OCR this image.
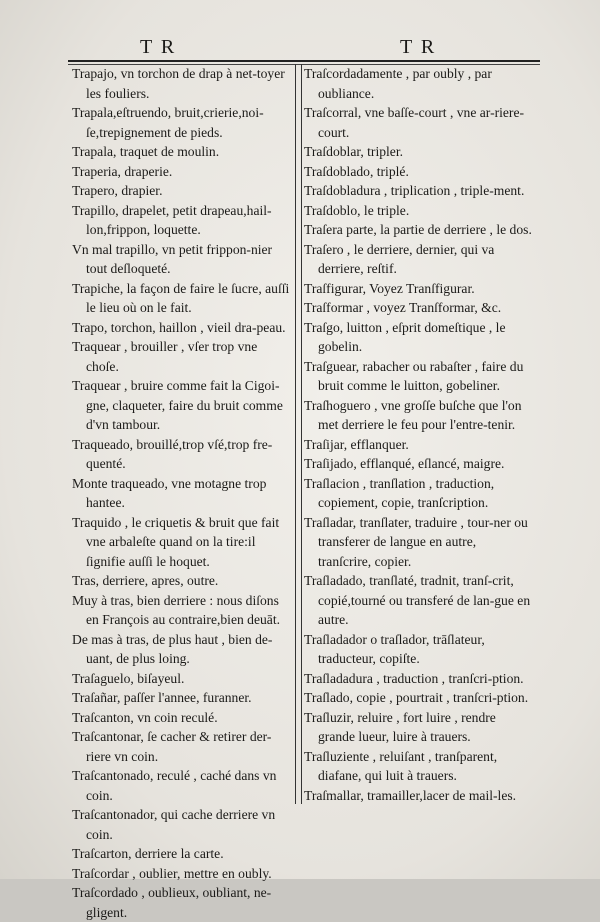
T R	T R
Trapajo, vn torchon de drap à net-toyer les fouliers.
Trapala,eſtruendo, bruit,crierie,noi-ſe,trepignement de pieds.
Trapala, traquet de moulin.
Traperia, draperie.
Trapero, drapier.
Trapillo, drapelet, petit drapeau,hail-lon,frippon, loquette.
Vn mal trapillo, vn petit frippon-nier tout deſloqueté.
Trapiche, la façon de faire le ſucre, auſſi le lieu où on le fait.
Trapo, torchon, haillon , vieil dra-peau.
Traquear , brouiller , vſer trop vne choſe.
Traquear , bruire comme fait la Cigoi-gne, claqueter, faire du bruit comme d'vn tambour.
Traqueado, brouillé,trop vſé,trop fre-quenté.
Monte traqueado, vne motagne trop hantee.
Traquido , le criquetis & bruit que fait vne arbaleſte quand on la tire:il ſignifie auſſi le hoquet.
Tras, derriere, apres, outre.
Muy à tras, bien derriere : nous diſons en François au contraire,bien deuāt.
De mas à tras, de plus haut , bien de-uant, de plus loing.
Traſaguelo, biſayeul.
Traſañar, paſſer l'annee, furanner.
Traſcanton, vn coin reculé.
Traſcantonar, ſe cacher & retirer der-riere vn coin.
Traſcantonado, reculé , caché dans vn coin.
Traſcantonador, qui cache derriere vn coin.
Traſcarton, derriere la carte.
Traſcordar , oublier, mettre en oubly.
Traſcordado , oublieux, oubliant, ne-gligent.
Traſcordadamente , par oubly , par oubliance.
Traſcorral, vne baſſe-court , vne ar-riere-court.
Traſdoblar, tripler.
Traſdoblado, triplé.
Traſdobladura , triplication , triple-ment.
Traſdoblo, le triple.
Traſera parte, la partie de derriere , le dos.
Traſero , le derriere, dernier, qui va derriere, reſtif.
Traſfigurar, Voyez Tranſfigurar.
Traſformar , voyez Tranſformar, &c.
Traſgo, luitton , eſprit domeſtique , le gobelin.
Traſguear, rabacher ou rabaſter , faire du bruit comme le luitton, gobeliner.
Traſhoguero , vne groſſe buſche que l'on met derriere le feu pour l'entre-tenir.
Traſijar, efflanquer.
Traſijado, efflanqué, eſlancé, maigre.
Traſlacion , tranſlation , traduction, copiement, copie, tranſcription.
Traſladar, tranſlater, traduire , tour-ner ou transferer de langue en autre, tranſcrire, copier.
Traſladado, tranſlaté, tradnit, tranſ-crit, copié,tourné ou transferé de lan-gue en autre.
Traſladador o traſlador, trāſlateur, traducteur, copiſte.
Traſladadura , traduction , tranſcri-ption.
Traſlado, copie , pourtrait , tranſcri-ption.
Traſluzir, reluire , fort luire , rendre grande lueur, luire à trauers.
Traſluziente , reluiſant , tranſparent, diafane, qui luit à trauers.
Traſmallar, tramailler,lacer de mail-les.
